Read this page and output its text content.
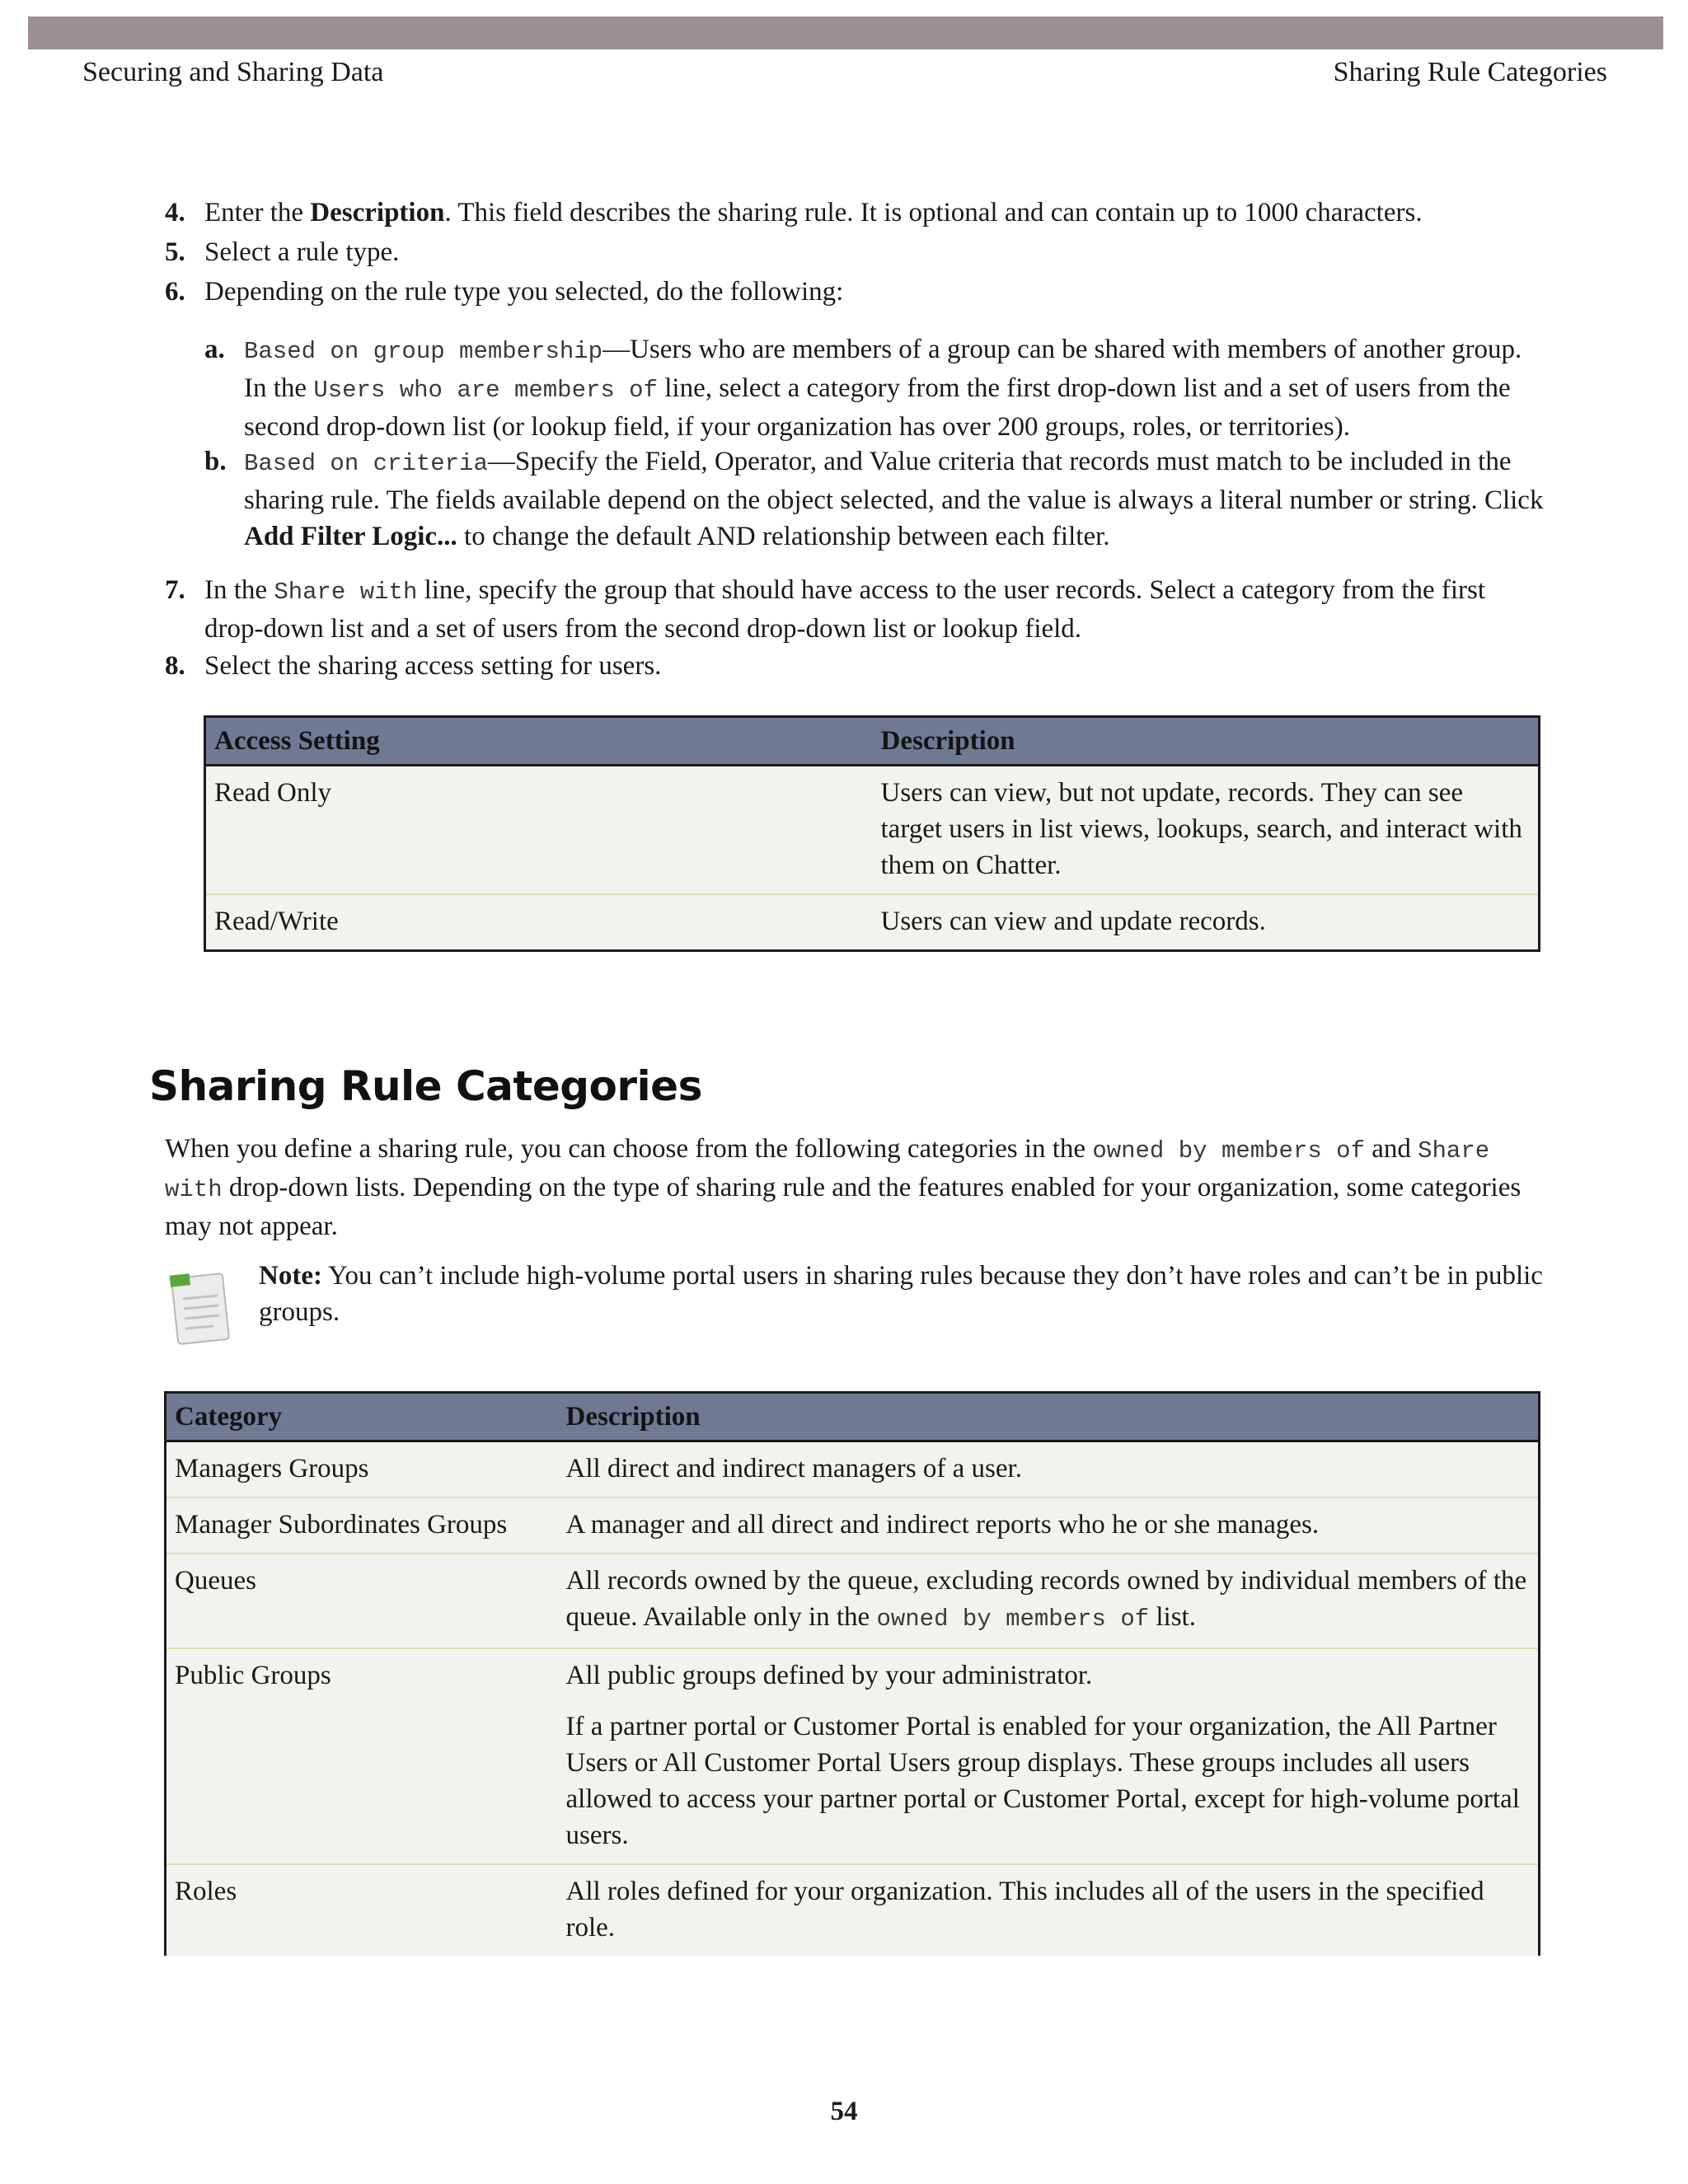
Securing and Sharing Data	Sharing Rule Categories
4. Enter the Description. This field describes the sharing rule. It is optional and can contain up to 1000 characters.
5. Select a rule type.
6. Depending on the rule type you selected, do the following:
a. Based on group membership—Users who are members of a group can be shared with members of another group. In the Users who are members of line, select a category from the first drop-down list and a set of users from the second drop-down list (or lookup field, if your organization has over 200 groups, roles, or territories).
b. Based on criteria—Specify the Field, Operator, and Value criteria that records must match to be included in the sharing rule. The fields available depend on the object selected, and the value is always a literal number or string. Click Add Filter Logic... to change the default AND relationship between each filter.
7. In the Share with line, specify the group that should have access to the user records. Select a category from the first drop-down list and a set of users from the second drop-down list or lookup field.
8. Select the sharing access setting for users.
Access Setting	Description
Read Only	Users can view, but not update, records. They can see target users in list views, lookups, search, and interact with them on Chatter.
Read/Write	Users can view and update records.
Sharing Rule Categories
When you define a sharing rule, you can choose from the following categories in the owned by members of and Share with drop-down lists. Depending on the type of sharing rule and the features enabled for your organization, some categories may not appear.
Note: You can’t include high-volume portal users in sharing rules because they don’t have roles and can’t be in public groups.
Category	Description
Managers Groups	All direct and indirect managers of a user.
Manager Subordinates Groups	A manager and all direct and indirect reports who he or she manages.
Queues	All records owned by the queue, excluding records owned by individual members of the queue. Available only in the owned by members of list.
Public Groups	All public groups defined by your administrator.
If a partner portal or Customer Portal is enabled for your organization, the All Partner Users or All Customer Portal Users group displays. These groups includes all users allowed to access your partner portal or Customer Portal, except for high-volume portal users.

Roles	All roles defined for your organization. This includes all of the users in the specified role.
54
